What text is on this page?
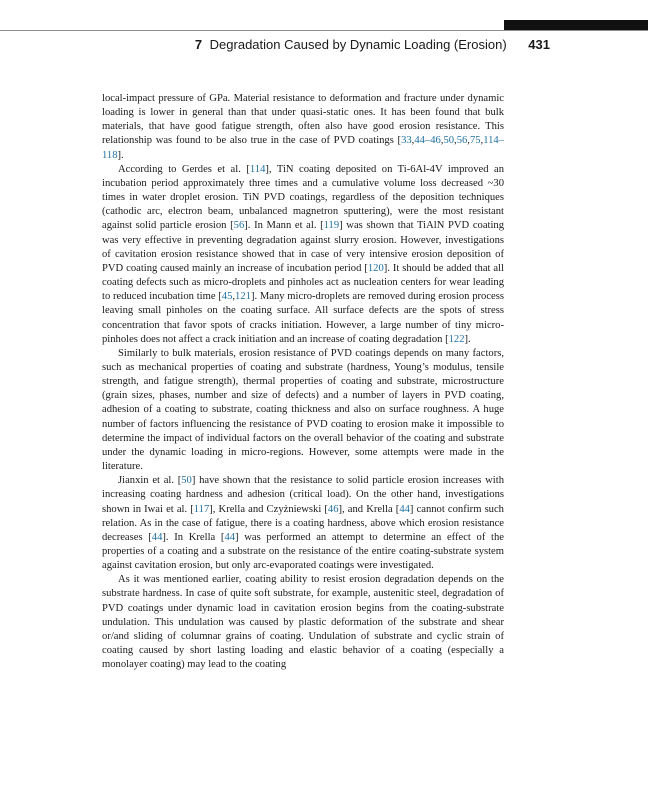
7 Degradation Caused by Dynamic Loading (Erosion) 431

local-impact pressure of GPa. Material resistance to deformation and fracture under dynamic loading is lower in general than that under quasi-static ones. It has been found that bulk materials, that have good fatigue strength, often also have good erosion resistance. This relationship was found to be also true in the case of PVD coatings [33,44–46,50,56,75,114–118].

According to Gerdes et al. [114], TiN coating deposited on Ti-6Al-4V improved an incubation period approximately three times and a cumulative volume loss decreased ~30 times in water droplet erosion. TiN PVD coatings, regardless of the deposition techniques (cathodic arc, electron beam, unbalanced magnetron sputtering), were the most resistant against solid particle erosion [56]. In Mann et al. [119] was shown that TiAlN PVD coating was very effective in preventing degradation against slurry erosion. However, investigations of cavitation erosion resistance showed that in case of very intensive erosion deposition of PVD coating caused mainly an increase of incubation period [120]. It should be added that all coating defects such as micro-droplets and pinholes act as nucleation centers for wear leading to reduced incubation time [45,121]. Many micro-droplets are removed during erosion process leaving small pinholes on the coating surface. All surface defects are the spots of stress concentration that favor spots of cracks initiation. However, a large number of tiny micro-pinholes does not affect a crack initiation and an increase of coating degradation [122].

Similarly to bulk materials, erosion resistance of PVD coatings depends on many factors, such as mechanical properties of coating and substrate (hardness, Young’s modulus, tensile strength, and fatigue strength), thermal properties of coating and substrate, microstructure (grain sizes, phases, number and size of defects) and a number of layers in PVD coating, adhesion of a coating to substrate, coating thickness and also on surface roughness. A huge number of factors influencing the resistance of PVD coating to erosion make it impossible to determine the impact of individual factors on the overall behavior of the coating and substrate under the dynamic loading in micro-regions. However, some attempts were made in the literature.

Jianxin et al. [50] have shown that the resistance to solid particle erosion increases with increasing coating hardness and adhesion (critical load). On the other hand, investigations shown in Iwai et al. [117], Krella and Czyżniewski [46], and Krella [44] cannot confirm such relation. As in the case of fatigue, there is a coating hardness, above which erosion resistance decreases [44]. In Krella [44] was performed an attempt to determine an effect of the properties of a coating and a substrate on the resistance of the entire coating-substrate system against cavitation erosion, but only arc-evaporated coatings were investigated.

As it was mentioned earlier, coating ability to resist erosion degradation depends on the substrate hardness. In case of quite soft substrate, for example, austenitic steel, degradation of PVD coatings under dynamic load in cavitation erosion begins from the coating-substrate undulation. This undulation was caused by plastic deformation of the substrate and shear or/and sliding of columnar grains of coating. Undulation of substrate and cyclic strain of coating caused by short lasting loading and elastic behavior of a coating (especially a monolayer coating) may lead to the coating
